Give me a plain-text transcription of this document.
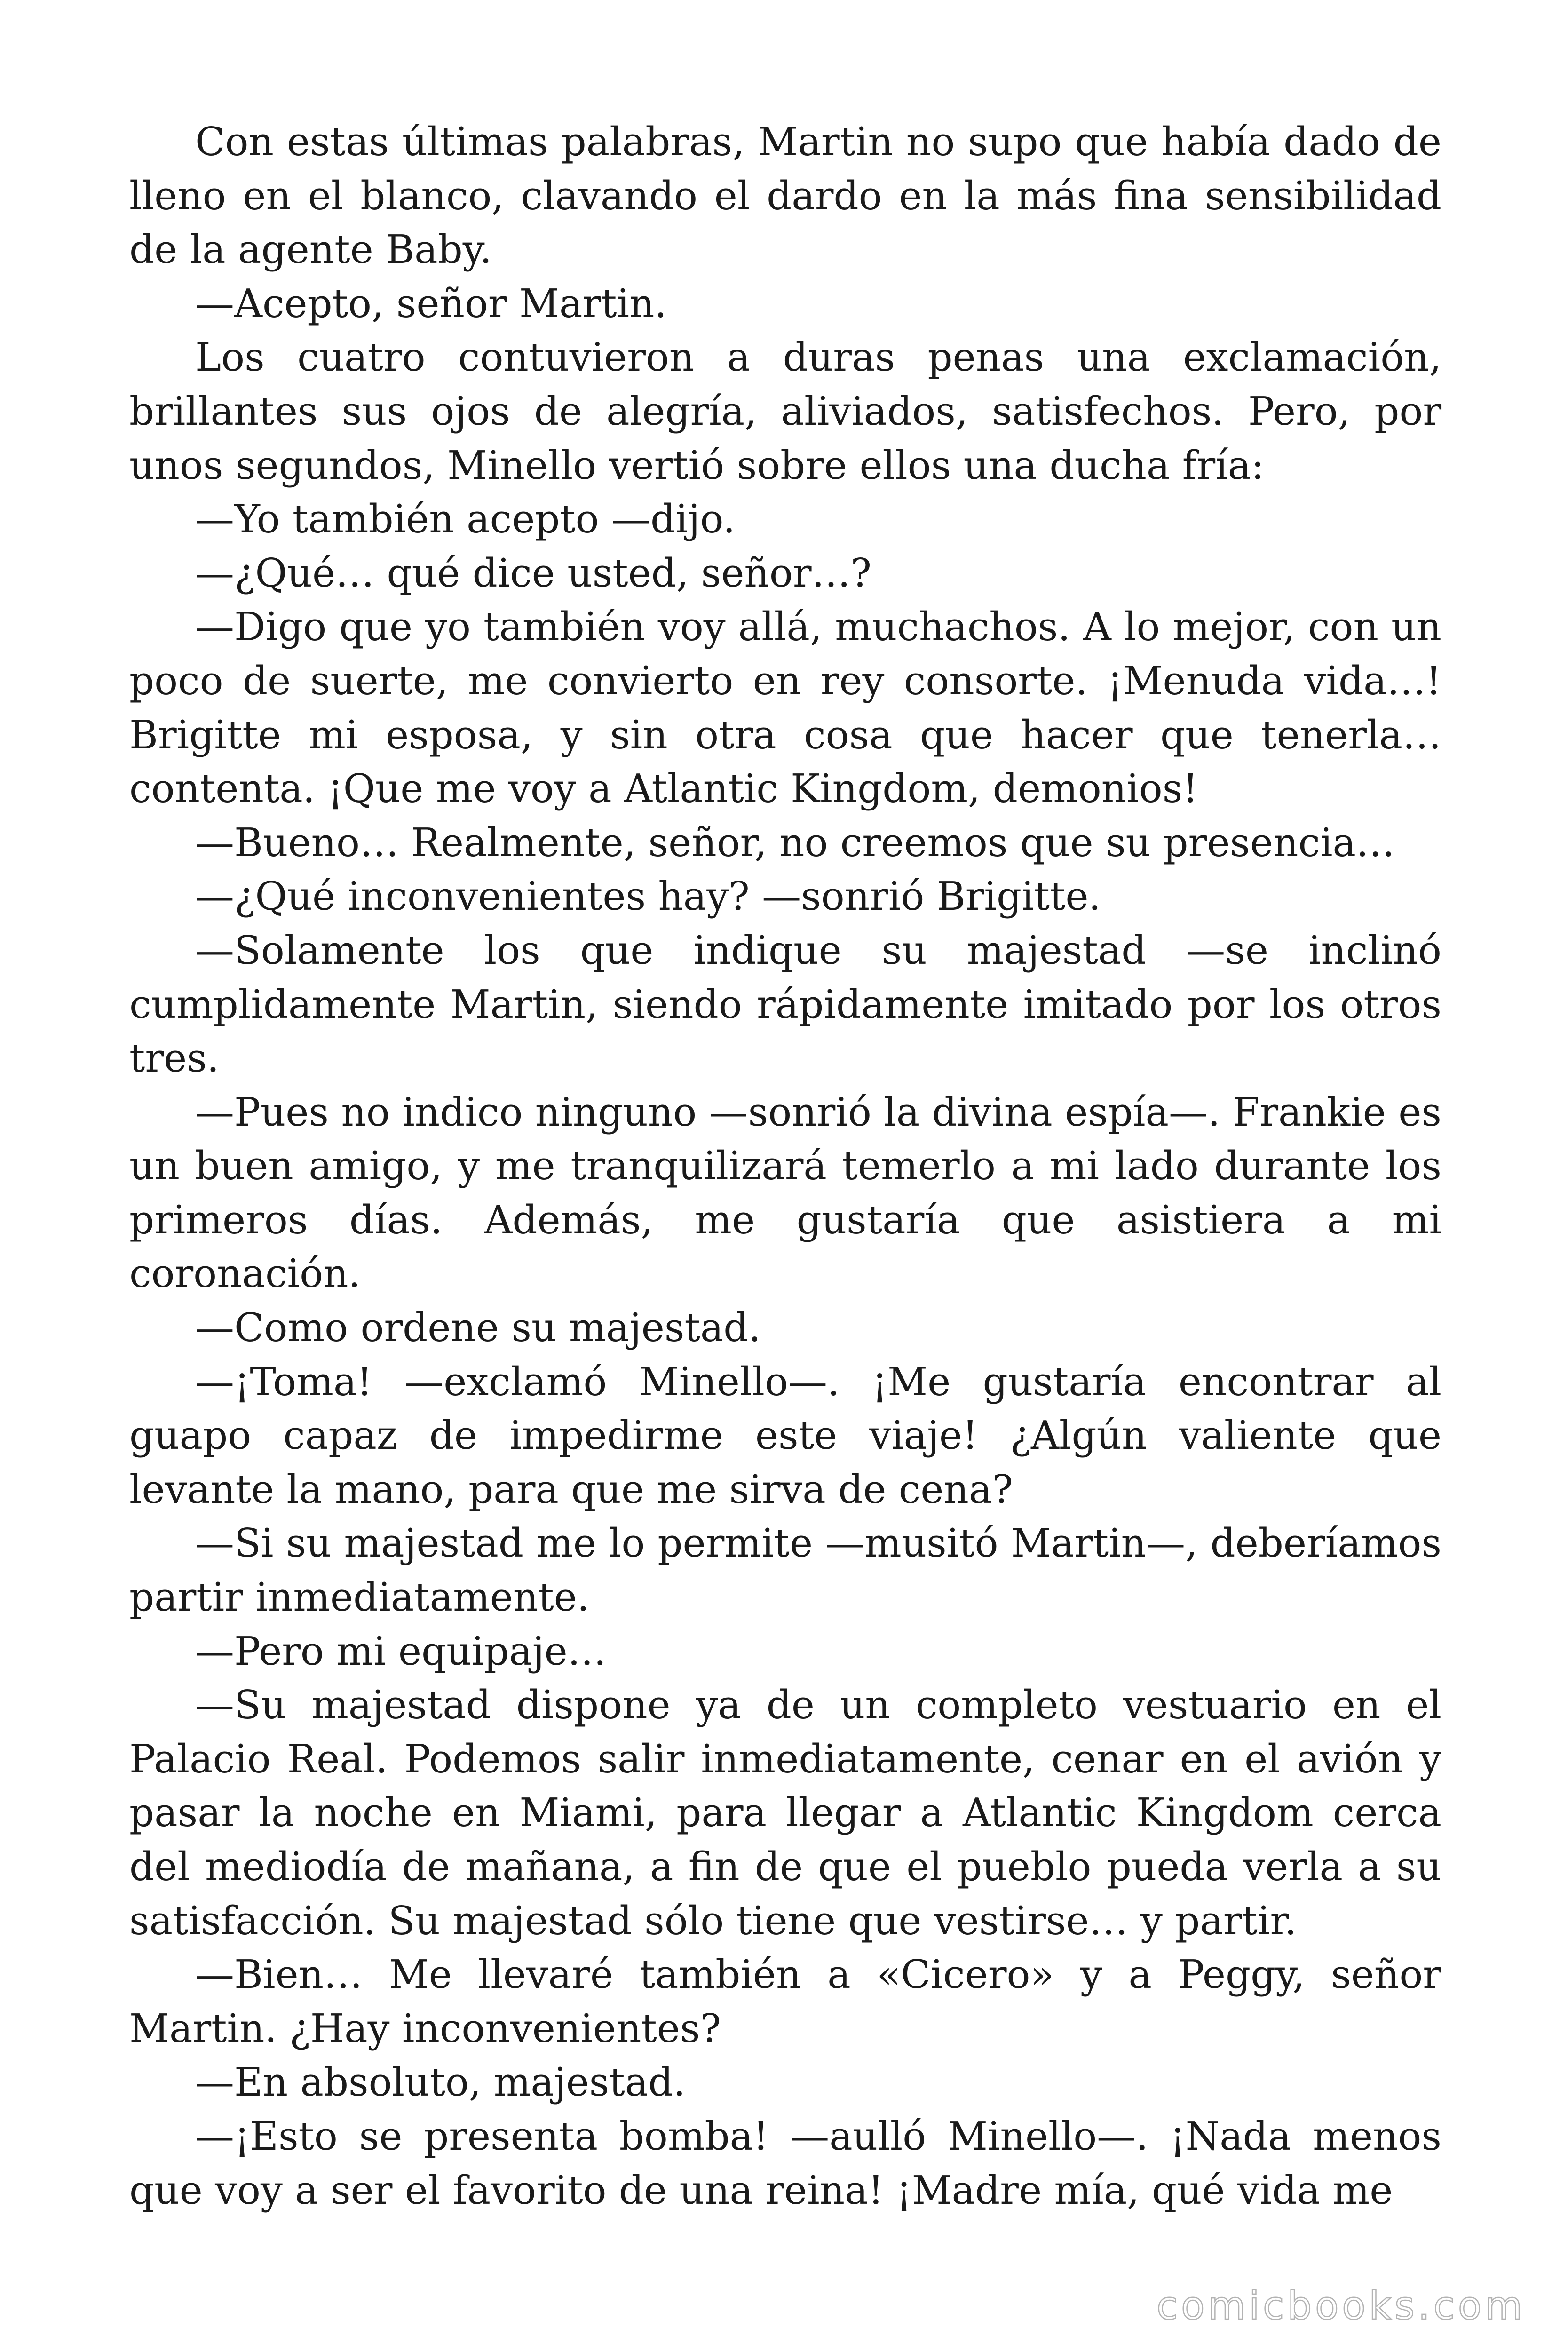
Con estas últimas palabras, Martin no supo que había dado de lleno en el blanco, clavando el dardo en la más fina sensibilidad de la agente Baby.

—Acepto, señor Martin.

Los cuatro contuvieron a duras penas una exclamación, brillantes sus ojos de alegría, aliviados, satisfechos. Pero, por unos segundos, Minello vertió sobre ellos una ducha fría:

—Yo también acepto —dijo.

—¿Qué… qué dice usted, señor…?

—Digo que yo también voy allá, muchachos. A lo mejor, con un poco de suerte, me convierto en rey consorte. ¡Menuda vida…! Brigitte mi esposa, y sin otra cosa que hacer que tenerla… contenta. ¡Que me voy a Atlantic Kingdom, demonios!

—Bueno… Realmente, señor, no creemos que su presencia…

—¿Qué inconvenientes hay? —sonrió Brigitte.

—Solamente los que indique su majestad —se inclinó cumplidamente Martin, siendo rápidamente imitado por los otros tres.

—Pues no indico ninguno —sonrió la divina espía—. Frankie es un buen amigo, y me tranquilizará temerlo a mi lado durante los primeros días. Además, me gustaría que asistiera a mi coronación.

—Como ordene su majestad.

—¡Toma! —exclamó Minello—. ¡Me gustaría encontrar al guapo capaz de impedirme este viaje! ¿Algún valiente que levante la mano, para que me sirva de cena?

—Si su majestad me lo permite —musitó Martin—, deberíamos partir inmediatamente.

—Pero mi equipaje…

—Su majestad dispone ya de un completo vestuario en el Palacio Real. Podemos salir inmediatamente, cenar en el avión y pasar la noche en Miami, para llegar a Atlantic Kingdom cerca del mediodía de mañana, a fin de que el pueblo pueda verla a su satisfacción. Su majestad sólo tiene que vestirse… y partir.

—Bien… Me llevaré también a «Cicero» y a Peggy, señor Martin. ¿Hay inconvenientes?

—En absoluto, majestad.

—¡Esto se presenta bomba! —aulló Minello—. ¡Nada menos que voy a ser el favorito de una reina! ¡Madre mía, qué vida me

comicbooks.com
